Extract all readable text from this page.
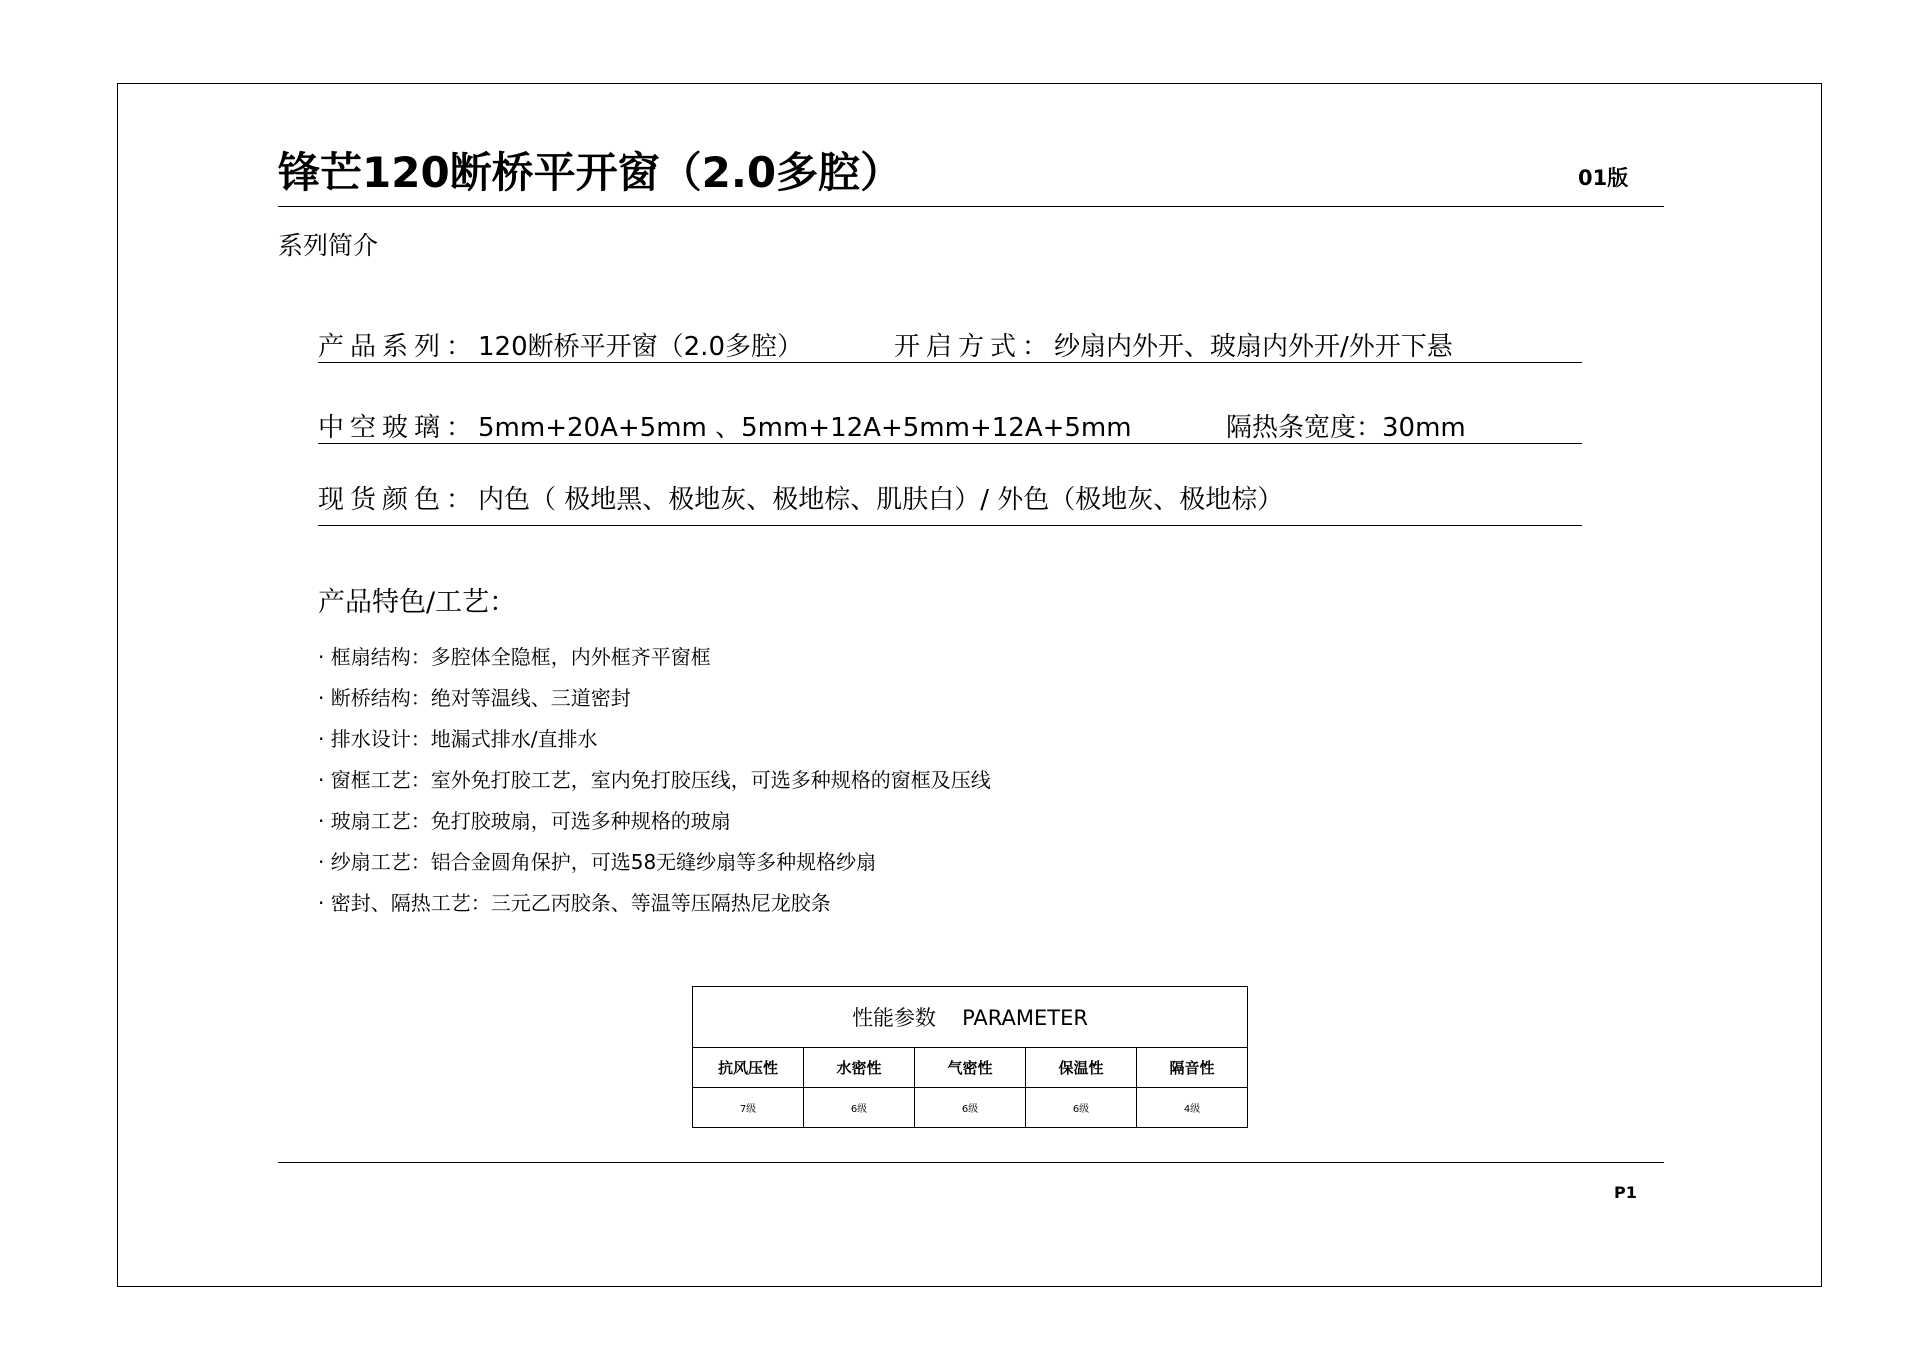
锋芒120断桥平开窗（2.0多腔）	01版
系列简介
产品系列：120断桥平开窗（2.0多腔）	开启方式：纱扇内外开、玻扇内外开/外开下悬
中空玻璃：5mm+20A+5mm 、5mm+12A+5mm+12A+5mm	隔热条宽度：30mm
现货颜色：内色（ 极地黑、极地灰、极地棕、肌肤白）/ 外色（极地灰、极地棕）
产品特色/工艺：
· 框扇结构：多腔体全隐框，内外框齐平窗框
· 断桥结构：绝对等温线、三道密封
· 排水设计：地漏式排水/直排水
· 窗框工艺：室外免打胶工艺，室内免打胶压线，可选多种规格的窗框及压线
· 玻扇工艺：免打胶玻扇，可选多种规格的玻扇
· 纱扇工艺：铝合金圆角保护，可选58无缝纱扇等多种规格纱扇
· 密封、隔热工艺：三元乙丙胶条、等温等压隔热尼龙胶条
性能参数 PARAMETER				
抗风压性	水密性	气密性	保温性	隔音性
7级	6级	6级	6级	4级
P1
